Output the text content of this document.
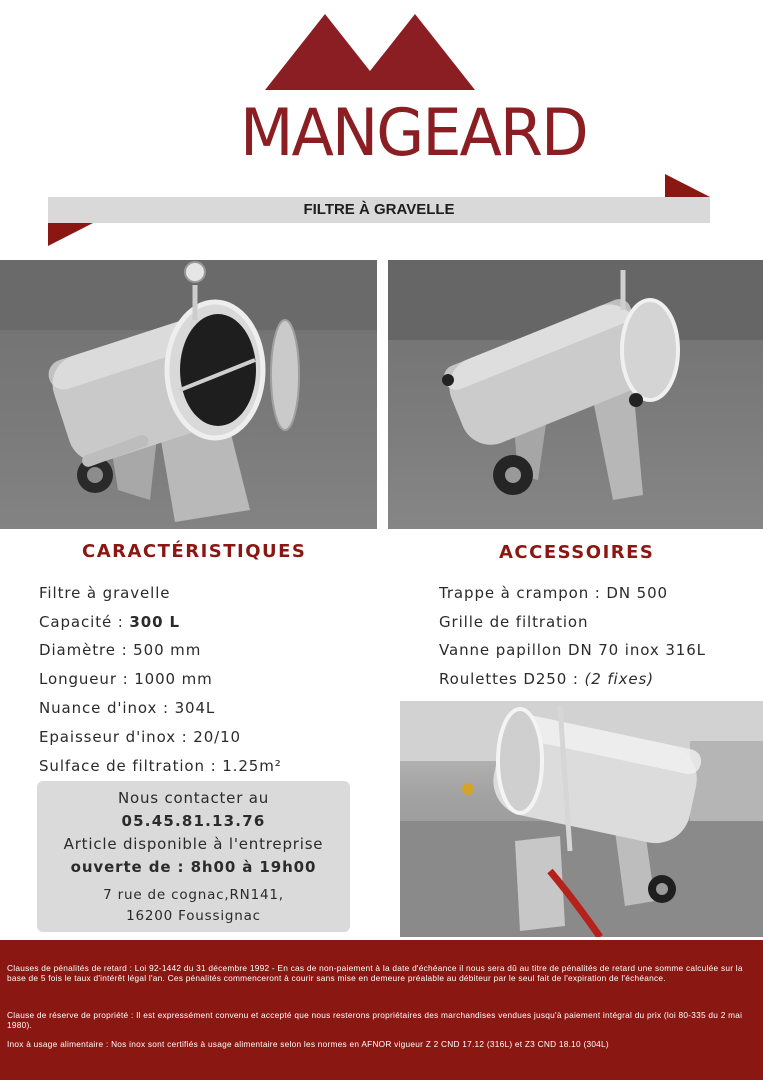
MANGEARD
FILTRE À GRAVELLE
CARACTÉRISTIQUES	ACCESSOIRES
Filtre à gravelle
Capacité : 300 L
Diamètre : 500 mm
Longueur : 1000 mm
Nuance d'inox : 304L
Epaisseur d'inox : 20/10
Sulface de filtration : 1.25m²
Trappe à crampon : DN 500
Grille de filtration
Vanne papillon DN 70 inox 316L
Roulettes D250 : (2 fixes)
Nous contacter au
05.45.81.13.76
Article disponible à l'entreprise
ouverte de : 8h00 à 19h00
7 rue de cognac,RN141,
16200 Foussignac
Clauses de pénalités de retard : Loi 92-1442 du 31 décembre 1992 - En cas de non-paiement à la date d'échéance il nous sera dû au titre de pénalités de retard une somme calculée sur la base de 5 fois le taux d'intérêt légal l'an. Ces pénalités commenceront à courir sans mise en demeure préalable au débiteur par le seul fait de l'expiration de l'échéance.
Clause de réserve de propriété : Il est expressément convenu et accepté que nous resterons propriétaires des marchandises vendues jusqu'à paiement intégral du prix (loi 80-335 du 2 mai 1980).
Inox à usage alimentaire : Nos inox sont certifiés à usage alimentaire selon les normes en AFNOR vigueur Z 2 CND 17.12 (316L) et Z3 CND 18.10 (304L)
